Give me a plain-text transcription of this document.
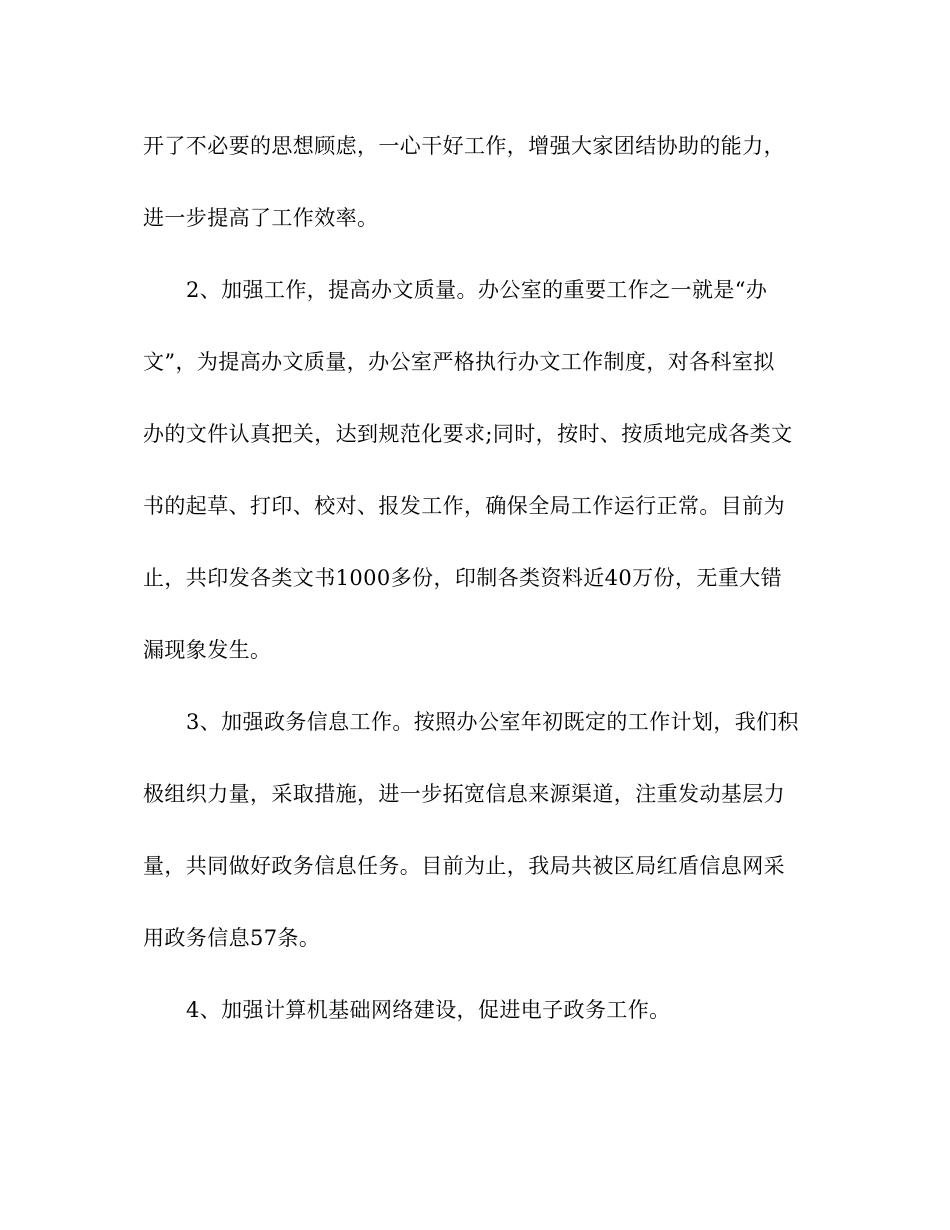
开了不必要的思想顾虑，一心干好工作，增强大家团结协助的能力，
进一步提高了工作效率。
2、加强工作，提高办文质量。办公室的重要工作之一就是“办
文”，为提高办文质量，办公室严格执行办文工作制度，对各科室拟
办的文件认真把关，达到规范化要求;同时，按时、按质地完成各类文
书的起草、打印、校对、报发工作，确保全局工作运行正常。目前为
止，共印发各类文书1000多份，印制各类资料近40万份，无重大错
漏现象发生。
3、加强政务信息工作。按照办公室年初既定的工作计划，我们积
极组织力量，采取措施，进一步拓宽信息来源渠道，注重发动基层力
量，共同做好政务信息任务。目前为止，我局共被区局红盾信息网采
用政务信息57条。
4、加强计算机基础网络建设，促进电子政务工作。
